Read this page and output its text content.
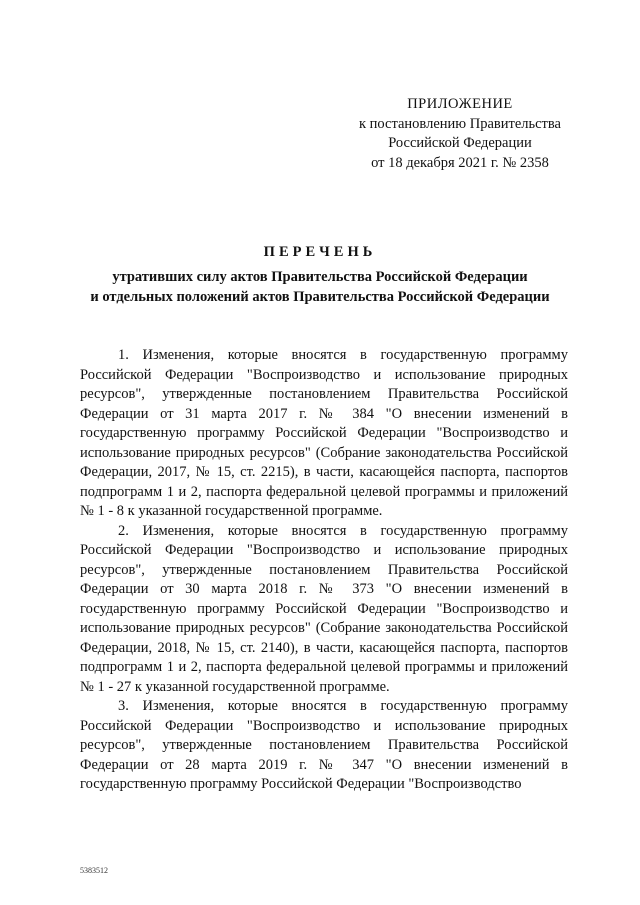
ПРИЛОЖЕНИЕ
к постановлению Правительства
Российской Федерации
от 18 декабря 2021 г. № 2358
ПЕРЕЧЕНЬ
утративших силу актов Правительства Российской Федерации
и отдельных положений актов Правительства Российской Федерации

1. Изменения, которые вносятся в государственную программу Российской Федерации "Воспроизводство и использование природных ресурсов", утвержденные постановлением Правительства Российской Федерации от 31 марта 2017 г. № 384 "О внесении изменений в государственную программу Российской Федерации "Воспроизводство и использование природных ресурсов" (Собрание законодательства Российской Федерации, 2017, № 15, ст. 2215), в части, касающейся паспорта, паспортов подпрограмм 1 и 2, паспорта федеральной целевой программы и приложений № 1 - 8 к указанной государственной программе.

2. Изменения, которые вносятся в государственную программу Российской Федерации "Воспроизводство и использование природных ресурсов", утвержденные постановлением Правительства Российской Федерации от 30 марта 2018 г. № 373 "О внесении изменений в государственную программу Российской Федерации "Воспроизводство и использование природных ресурсов" (Собрание законодательства Российской Федерации, 2018, № 15, ст. 2140), в части, касающейся паспорта, паспортов подпрограмм 1 и 2, паспорта федеральной целевой программы и приложений № 1 - 27 к указанной государственной программе.

3. Изменения, которые вносятся в государственную программу Российской Федерации "Воспроизводство и использование природных ресурсов", утвержденные постановлением Правительства Российской Федерации от 28 марта 2019 г. № 347 "О внесении изменений в государственную программу Российской Федерации "Воспроизводство

5383512
